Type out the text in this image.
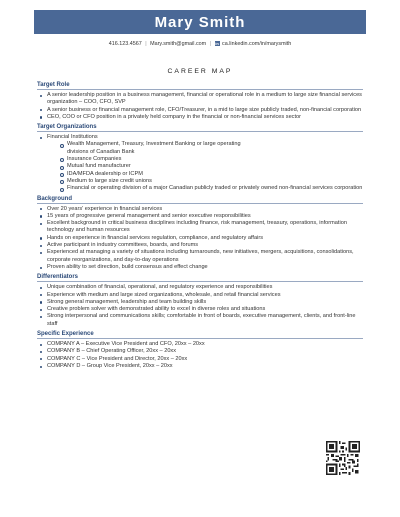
Mary Smith
416.123.4567 | Mary.smith@gmail.com | in ca.linkedin.com/in/marysmith
CAREER MAP
Target Role
A senior leadership position in a business management, financial or operational role in a medium to large size financial services organization – COO, CFO, SVP
A senior business or financial management role, CFO/Treasurer, in a mid to large size publicly traded, non-financial corporation
CEO, COO or CFO position in a privately held company in the financial or non-financial services sector
Target Organizations
Financial Institutions
Wealth Management, Treasury, Investment Banking or large operating divisions of Canadian Bank
Insurance Companies
Mutual fund manufacturer
IDA/MFDA dealership or ICPM
Medium to large size credit unions
Financial or operating division of a major Canadian publicly traded or privately owned non-financial services corporation
Background
Over 20 years' experience in financial services
15 years of progressive general management and senior executive responsibilities
Excellent background in critical business disciplines including finance, risk management, treasury, operations, information technology and human resources
Hands on experience in financial services regulation, compliance, and regulatory affairs
Active participant in industry committees, boards, and forums
Experienced at managing a variety of situations including turnarounds, new initiatives, mergers, acquisitions, consolidations, corporate reorganizations, and day-to-day operations
Proven ability to set direction, build consensus and effect change
Differentiators
Unique combination of financial, operational, and regulatory experience and responsibilities
Experience with medium and large sized organizations, wholesale, and retail financial services
Strong general management, leadership and team building skills
Creative problem solver with demonstrated ability to excel in diverse roles and situations
Strong interpersonal and communications skills; comfortable in front of boards, executive management, clients, and front-line staff
Specific Experience
COMPANY A – Executive Vice President and CFO, 20xx – 20xx
COMPANY B – Chief Operating Officer, 20xx – 20xx
COMPANY C – Vice President and Director, 20xx – 20xx
COMPANY D – Group Vice President, 20xx – 20xx
